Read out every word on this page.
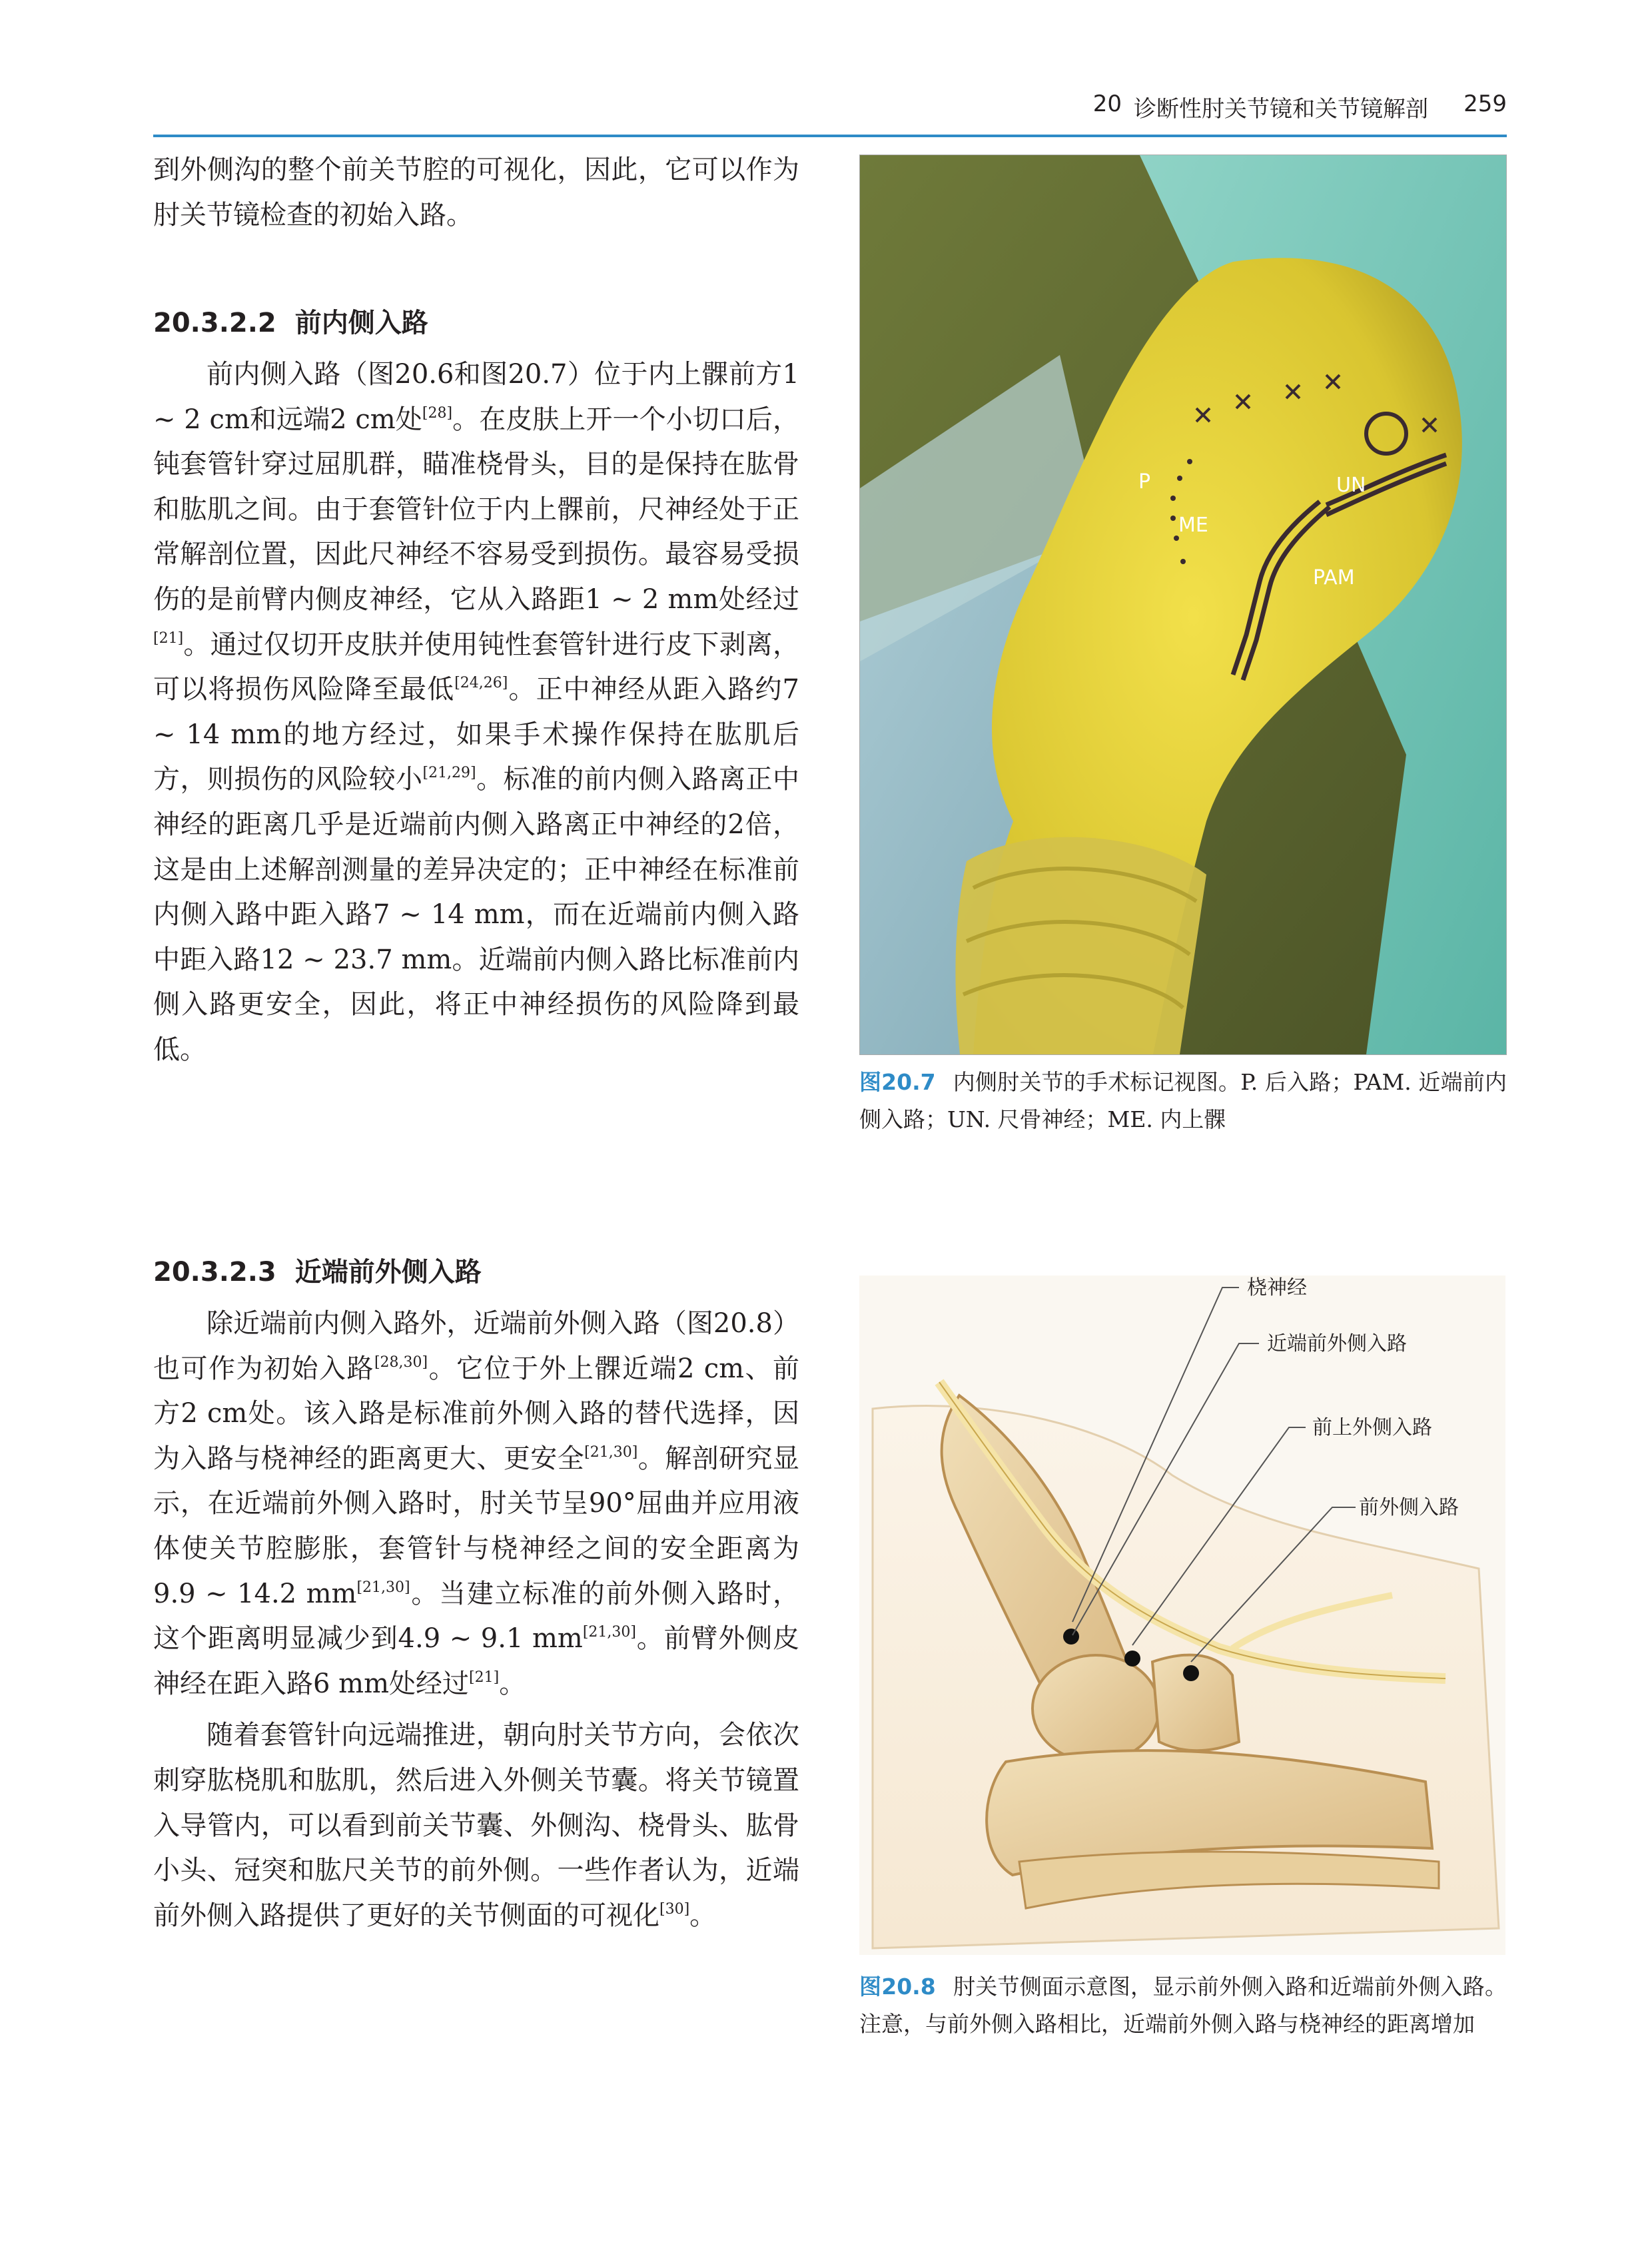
20 诊断性肘关节镜和关节镜解剖 259

到外侧沟的整个前关节腔的可视化，因此，它可以作为肘关节镜检查的初始入路。

20.3.2.2 前内侧入路

前内侧入路（图20.6和图20.7）位于内上髁前方1 ~ 2 cm和远端2 cm处[28]。在皮肤上开一个小切口后，钝套管针穿过屈肌群，瞄准桡骨头，目的是保持在肱骨和肱肌之间。由于套管针位于内上髁前，尺神经处于正常解剖位置，因此尺神经不容易受到损伤。最容易受损伤的是前臂内侧皮神经，它从入路距1 ~ 2 mm处经过[21]。通过仅切开皮肤并使用钝性套管针进行皮下剥离，可以将损伤风险降至最低[24,26]。正中神经从距入路约7 ~ 14 mm的地方经过，如果手术操作保持在肱肌后方，则损伤的风险较小[21,29]。标准的前内侧入路离正中神经的距离几乎是近端前内侧入路离正中神经的2倍，这是由上述解剖测量的差异决定的；正中神经在标准前内侧入路中距入路7 ~ 14 mm，而在近端前内侧入路中距入路12 ~ 23.7 mm。近端前内侧入路比标准前内侧入路更安全，因此，将正中神经损伤的风险降到最低。

20.3.2.3 近端前外侧入路

除近端前内侧入路外，近端前外侧入路（图20.8）也可作为初始入路[28,30]。它位于外上髁近端2 cm、前方2 cm处。该入路是标准前外侧入路的替代选择，因为入路与桡神经的距离更大、更安全[21,30]。解剖研究显示，在近端前外侧入路时，肘关节呈90°屈曲并应用液体使关节腔膨胀，套管针与桡神经之间的安全距离为9.9 ~ 14.2 mm[21,30]。当建立标准的前外侧入路时，这个距离明显减少到4.9 ~ 9.1 mm[21,30]。前臂外侧皮神经在距入路6 mm处经过[21]。

随着套管针向远端推进，朝向肘关节方向，会依次刺穿肱桡肌和肱肌，然后进入外侧关节囊。将关节镜置入导管内，可以看到前关节囊、外侧沟、桡骨头、肱骨小头、冠突和肱尺关节的前外侧。一些作者认为，近端前外侧入路提供了更好的关节侧面的可视化[30]。

ME
P	UN
PAM

图20.7 内侧肘关节的手术标记视图。P. 后入路；PAM. 近端前内侧入路；UN. 尺骨神经；ME. 内上髁

桡神经
近端前外侧入路
前上外侧入路
前外侧入路

图20.8 肘关节侧面示意图，显示前外侧入路和近端前外侧入路。注意，与前外侧入路相比，近端前外侧入路与桡神经的距离增加
